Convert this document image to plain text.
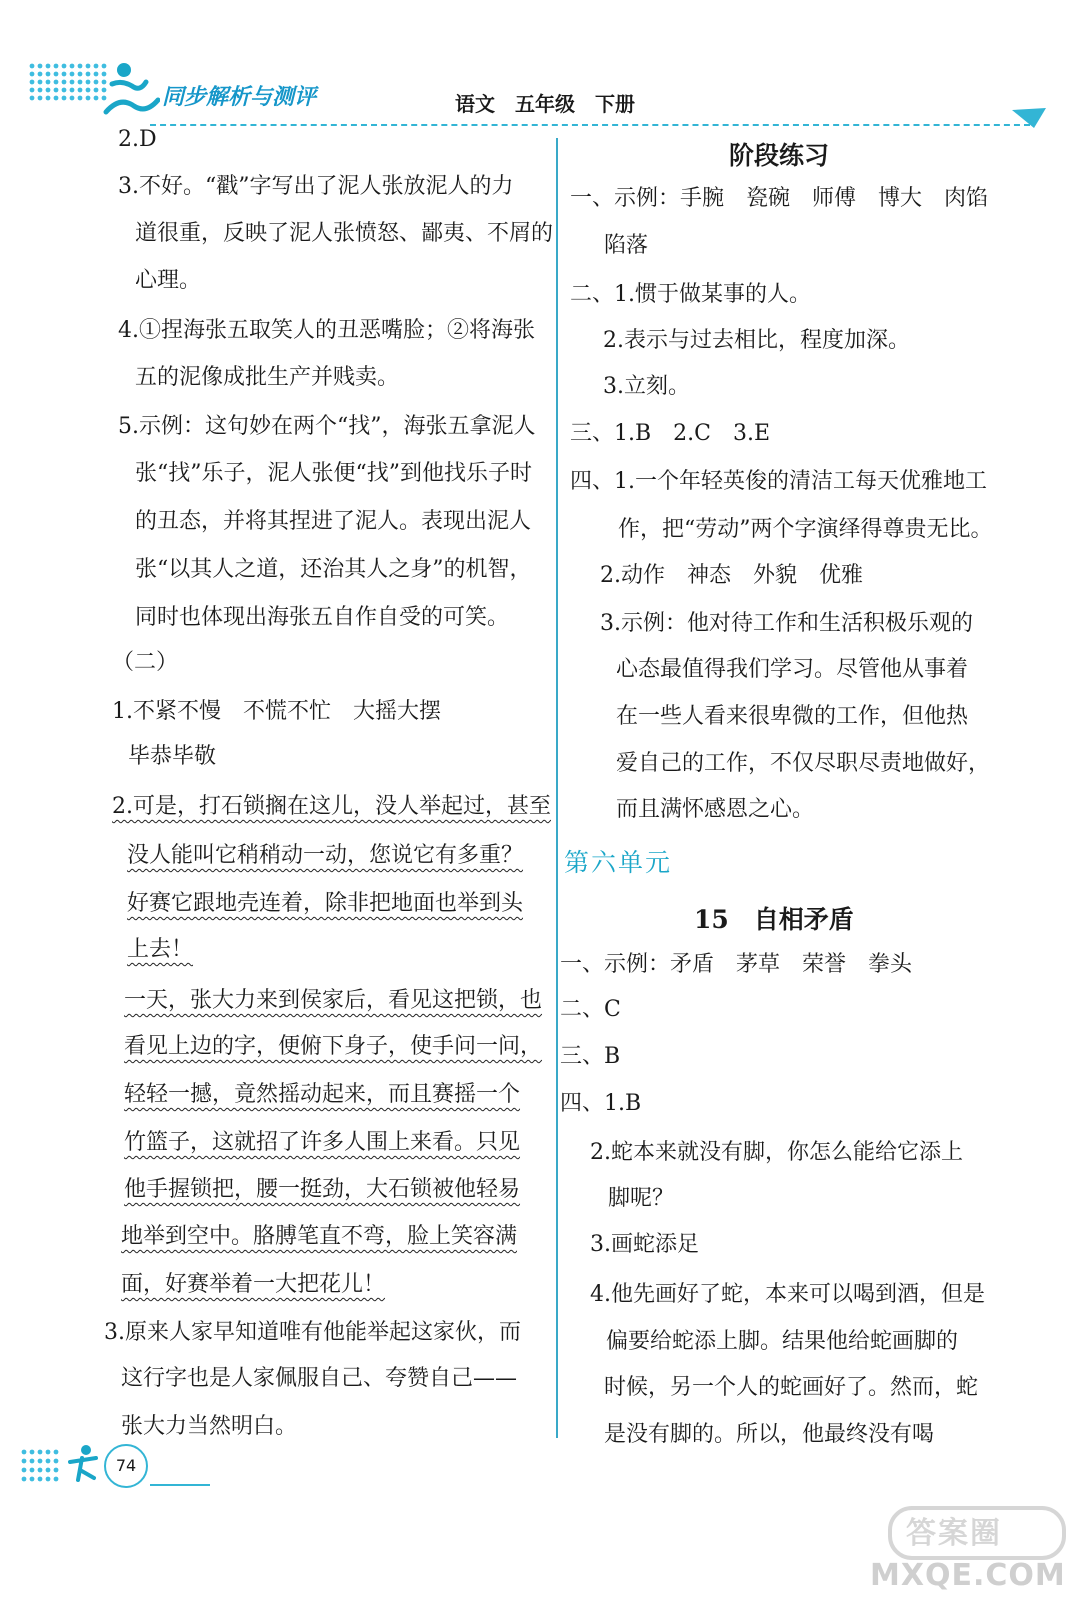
同步解析与测评	语文　五年级　下册
2.D
3.不好。“戳”字写出了泥人张放泥人的力
道很重，反映了泥人张愤怒、鄙夷、不屑的
心理。
4.①捏海张五取笑人的丑恶嘴脸；②将海张
五的泥像成批生产并贱卖。
5.示例：这句妙在两个“找”，海张五拿泥人
张“找”乐子，泥人张便“找”到他找乐子时
的丑态，并将其捏进了泥人。表现出泥人
张“以其人之道，还治其人之身”的机智，
同时也体现出海张五自作自受的可笑。
（二）
1.不紧不慢　不慌不忙　大摇大摆
毕恭毕敬
2.可是，打石锁搁在这儿，没人举起过，甚至
没人能叫它稍稍动一动，您说它有多重？
好赛它跟地壳连着，除非把地面也举到头
上去！
一天，张大力来到侯家后，看见这把锁，也
看见上边的字，便俯下身子，使手问一问，
轻轻一撼，竟然摇动起来，而且赛摇一个
竹篮子，这就招了许多人围上来看。只见
他手握锁把，腰一挺劲，大石锁被他轻易
地举到空中。胳膊笔直不弯，脸上笑容满
面，好赛举着一大把花儿！
3.原来人家早知道唯有他能举起这家伙，而
这行字也是人家佩服自己、夸赞自己——
张大力当然明白。
阶段练习
一、示例：手腕　瓷碗　师傅　博大　肉馅
陷落
二、1.惯于做某事的人。
2.表示与过去相比，程度加深。
3.立刻。
三、1.B　2.C　3.E
四、1.一个年轻英俊的清洁工每天优雅地工
作，把“劳动”两个字演绎得尊贵无比。
2.动作　神态　外貌　优雅
3.示例：他对待工作和生活积极乐观的
心态最值得我们学习。尽管他从事着
在一些人看来很卑微的工作，但他热
爱自己的工作，不仅尽职尽责地做好，
而且满怀感恩之心。
第六单元
15　自相矛盾
一、示例：矛盾　茅草　荣誉　拳头
二、C
三、B
四、1.B
2.蛇本来就没有脚，你怎么能给它添上
脚呢？
3.画蛇添足
4.他先画好了蛇，本来可以喝到酒，但是
偏要给蛇添上脚。结果他给蛇画脚的
时候，另一个人的蛇画好了。然而，蛇
是没有脚的。所以，他最终没有喝
74
答案圈
MXQE.COM
